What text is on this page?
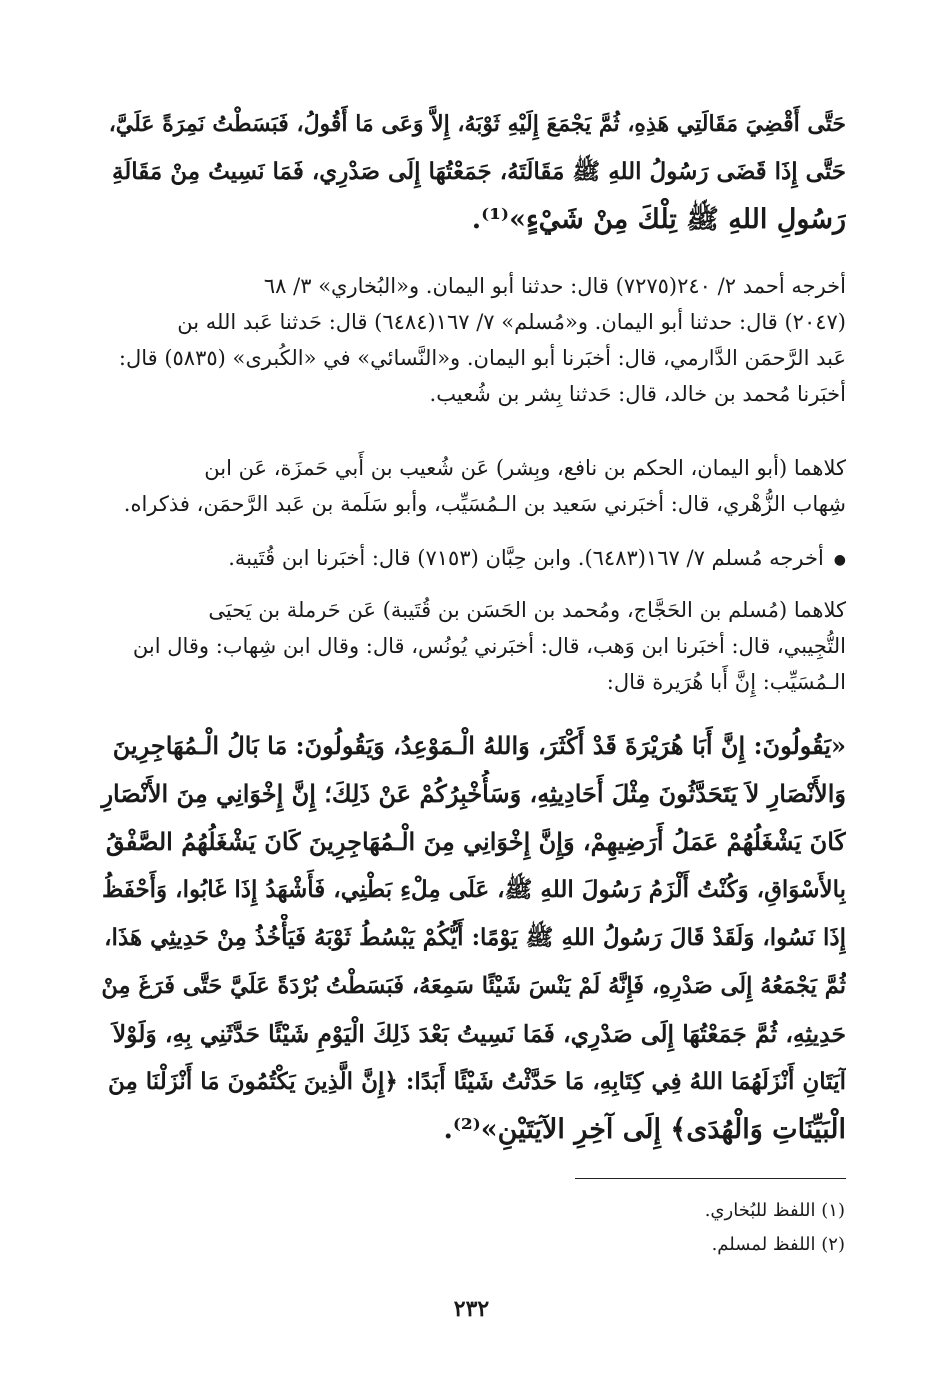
حَتَّى أَقْضِيَ مَقَالَتِي هَذِهِ، ثُمَّ يَجْمَعَ إِلَيْهِ ثَوْبَهُ، إِلاَّ وَعَى مَا أَقُولُ، فَبَسَطْتُ نَمِرَةً عَلَيَّ،
حَتَّى إِذَا قَضَى رَسُولُ اللهِ ﷺ مَقَالَتَهُ، جَمَعْتُهَا إِلَى صَدْرِي، فَمَا نَسِيتُ مِنْ مَقَالَةِ
رَسُولِ اللهِ ﷺ تِلْكَ مِنْ شَيْءٍ»⁽¹⁾.
أخرجه أحمد ٢/ ٢٤٠(٧٢٧٥) قال: حدثنا أبو اليمان. و«البُخاري» ٣/ ٦٨
(٢٠٤٧) قال: حدثنا أبو اليمان. و«مُسلم» ٧/ ١٦٧(٦٤٨٤) قال: حَدثنا عَبد الله بن
عَبد الرَّحمَن الدَّارمي، قال: أخبَرنا أبو اليمان. و«النَّسائي» في «الكُبرى» (٥٨٣٥) قال:
أخبَرنا مُحمد بن خالد، قال: حَدثنا بِشر بن شُعيب.
كلاهما (أبو اليمان، الحكم بن نافع، وبِشر) عَن شُعيب بن أَبي حَمزَة، عَن ابن
شِهاب الزُّهْري، قال: أخبَرني سَعيد بن الـمُسَيِّب، وأبو سَلَمة بن عَبد الرَّحمَن، فذكراه.
● أخرجه مُسلم ٧/ ١٦٧(٦٤٨٣). وابن حِبَّان (٧١٥٣) قال: أخبَرنا ابن قُتَيبة.
كلاهما (مُسلم بن الحَجَّاج، ومُحمد بن الحَسَن بن قُتَيبة) عَن حَرملة بن يَحيَى
التُّجِيبي، قال: أخبَرنا ابن وَهب، قال: أخبَرني يُونُس، قال: وقال ابن شِهاب: وقال ابن
الـمُسَيِّب: إِنَّ أَبا هُرَيرة قال:
«يَقُولُونَ: إِنَّ أَبَا هُرَيْرَةَ قَدْ أَكْثَرَ، وَاللهُ الْـمَوْعِدُ، وَيَقُولُونَ: مَا بَالُ الْـمُهَاجِرِينَ
وَالأَنْصَارِ لاَ يَتَحَدَّثُونَ مِثْلَ أَحَادِيثِهِ، وَسَأُخْبِرُكُمْ عَنْ ذَلِكَ؛ إِنَّ إِخْوَانِي مِنَ الأَنْصَارِ
كَانَ يَشْغَلُهُمْ عَمَلُ أَرَضِيهِمْ، وَإِنَّ إِخْوَانِي مِنَ الْـمُهَاجِرِينَ كَانَ يَشْغَلُهُمُ الصَّفْقُ
بِالأَسْوَاقِ، وَكُنْتُ أَلْزَمُ رَسُولَ اللهِ ﷺ، عَلَى مِلْءِ بَطْنِي، فَأَشْهَدُ إِذَا غَابُوا، وَأَحْفَظُ
إِذَا نَسُوا، وَلَقَدْ قَالَ رَسُولُ اللهِ ﷺ يَوْمًا: أَيُّكُمْ يَبْسُطُ ثَوْبَهُ فَيَأْخُذُ مِنْ حَدِيثِي هَذَا،
ثُمَّ يَجْمَعُهُ إِلَى صَدْرِهِ، فَإِنَّهُ لَمْ يَنْسَ شَيْئًا سَمِعَهُ، فَبَسَطْتُ بُرْدَةً عَلَيَّ حَتَّى فَرَغَ مِنْ
حَدِيثِهِ، ثُمَّ جَمَعْتُهَا إِلَى صَدْرِي، فَمَا نَسِيتُ بَعْدَ ذَلِكَ الْيَوْمِ شَيْئًا حَدَّثَنِي بِهِ، وَلَوْلاَ
آيَتَانِ أَنْزَلَهُمَا اللهُ فِي كِتَابِهِ، مَا حَدَّثْتُ شَيْئًا أَبَدًا: ﴿إِنَّ الَّذِينَ يَكْتُمُونَ مَا أَنْزَلْنَا مِنَ
الْبَيِّنَاتِ وَالْهُدَى﴾ إِلَى آخِرِ الآيَتَيْنِ»⁽²⁾.
(١) اللفظ للبُخاري.
(٢) اللفظ لمسلم.
٢٣٢
